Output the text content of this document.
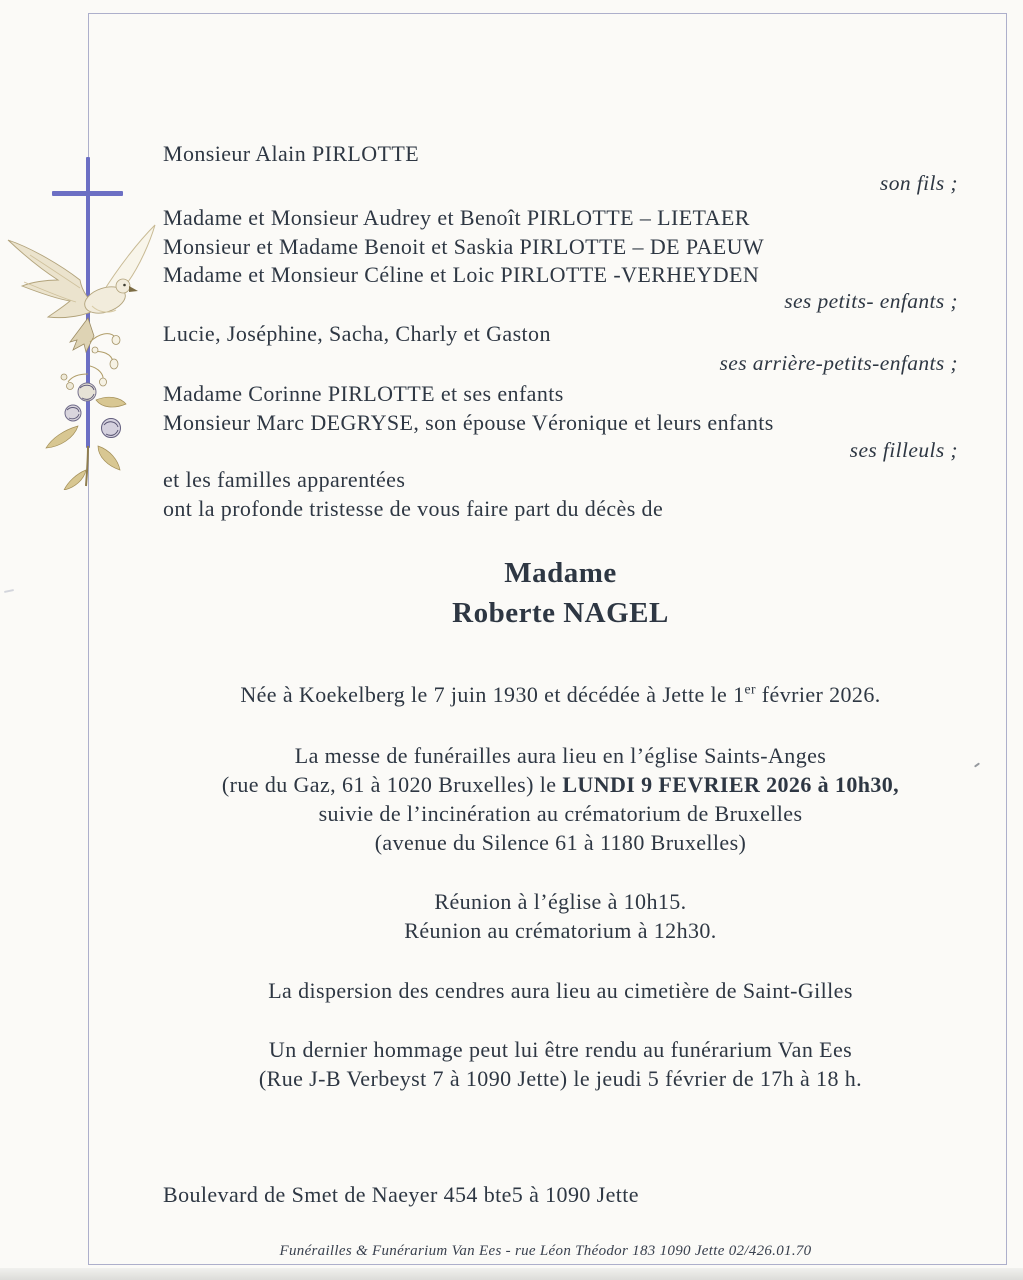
Monsieur Alain PIRLOTTE
son fils ;
Madame et Monsieur Audrey et Benoît PIRLOTTE – LIETAER
Monsieur et Madame Benoit et Saskia PIRLOTTE – DE PAEUW
Madame et Monsieur Céline et Loic PIRLOTTE -VERHEYDEN
ses petits- enfants ;
Lucie, Joséphine, Sacha, Charly et Gaston
ses arrière-petits-enfants ;
Madame Corinne PIRLOTTE et ses enfants
Monsieur Marc DEGRYSE, son épouse Véronique et leurs enfants
ses filleuls ;
et les familles apparentées
ont la profonde tristesse de vous faire part du décès de
Madame
Roberte NAGEL
Née à Koekelberg le 7 juin 1930 et décédée à Jette le 1er février 2026.
La messe de funérailles aura lieu en l’église Saints-Anges
(rue du Gaz, 61 à 1020 Bruxelles) le LUNDI 9 FEVRIER 2026 à 10h30,
suivie de l’incinération au crématorium de Bruxelles
(avenue du Silence 61 à 1180 Bruxelles)
Réunion à l’église à 10h15.
Réunion au crématorium à 12h30.
La dispersion des cendres aura lieu au cimetière de Saint-Gilles
Un dernier hommage peut lui être rendu au funérarium Van Ees
(Rue J-B Verbeyst 7 à 1090 Jette) le jeudi 5 février de 17h à 18 h.
Boulevard de Smet de Naeyer 454 bte5 à 1090 Jette
Funérailles & Funérarium Van Ees - rue Léon Théodor 183 1090 Jette 02/426.01.70
